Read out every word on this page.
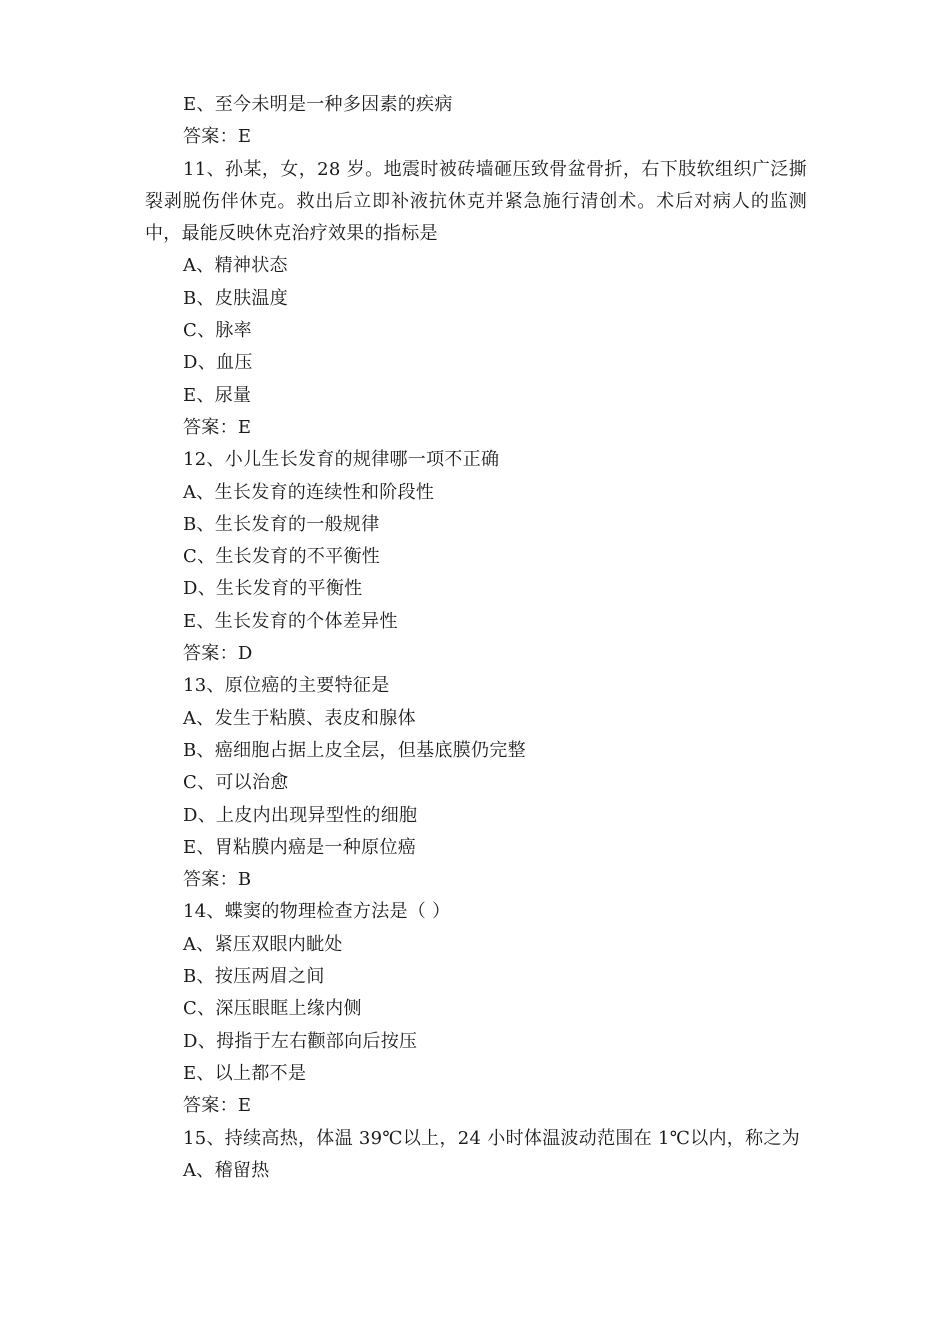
E、至今未明是一种多因素的疾病
答案：E
11、孙某，女，28 岁。地震时被砖墙砸压致骨盆骨折，右下肢软组织广泛撕裂剥脱伤伴休克。救出后立即补液抗休克并紧急施行清创术。术后对病人的监测中，最能反映休克治疗效果的指标是
A、精神状态
B、皮肤温度
C、脉率
D、血压
E、尿量
答案：E
12、小儿生长发育的规律哪一项不正确
A、生长发育的连续性和阶段性
B、生长发育的一般规律
C、生长发育的不平衡性
D、生长发育的平衡性
E、生长发育的个体差异性
答案：D
13、原位癌的主要特征是
A、发生于粘膜、表皮和腺体
B、癌细胞占据上皮全层，但基底膜仍完整
C、可以治愈
D、上皮内出现异型性的细胞
E、胃粘膜内癌是一种原位癌
答案：B
14、蝶窦的物理检查方法是（ ）
A、紧压双眼内眦处
B、按压两眉之间
C、深压眼眶上缘内侧
D、拇指于左右颧部向后按压
E、以上都不是
答案：E
15、持续高热，体温 39℃以上，24 小时体温波动范围在 1℃以内，称之为
A、稽留热
